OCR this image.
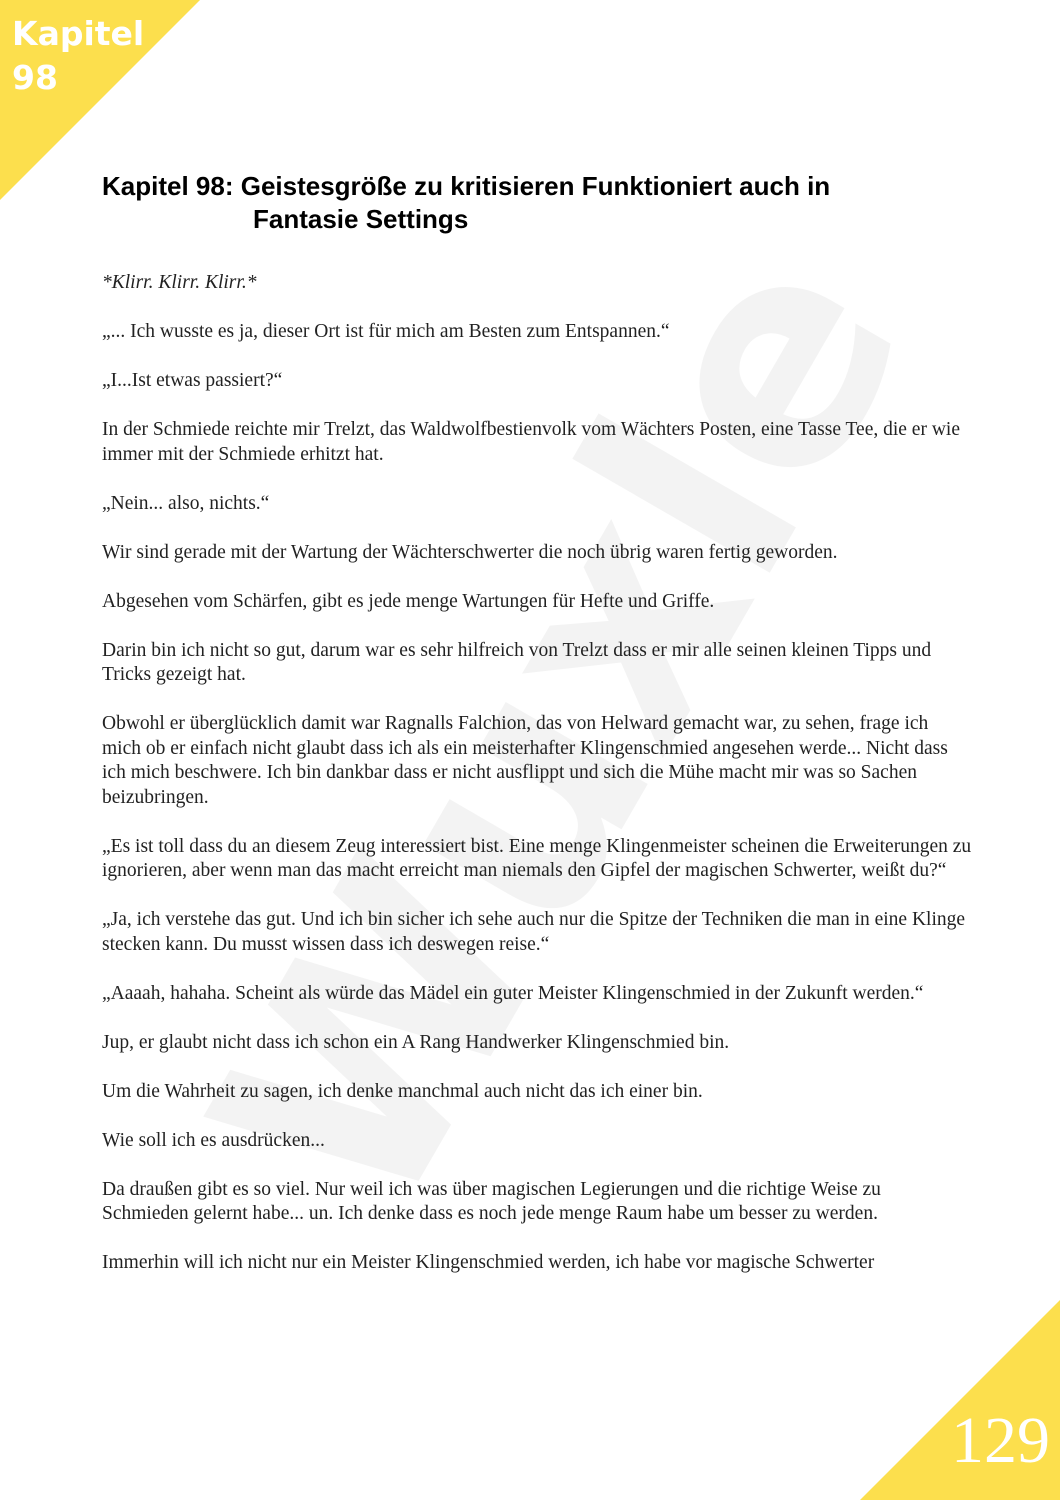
Kapitel
98
Kapitel 98: Geistesgröße zu kritisieren Funktioniert auch in
Fantasie Settings

*Klirr. Klirr. Klirr.*

„... Ich wusste es ja, dieser Ort ist für mich am Besten zum Entspannen.“

„I...Ist etwas passiert?“

In der Schmiede reichte mir Trelzt, das Waldwolfbestienvolk vom Wächters Posten, eine Tasse Tee, die er wie immer mit der Schmiede erhitzt hat.

„Nein... also, nichts.“

Wir sind gerade mit der Wartung der Wächterschwerter die noch übrig waren fertig geworden.

Abgesehen vom Schärfen, gibt es jede menge Wartungen für Hefte und Griffe.

Darin bin ich nicht so gut, darum war es sehr hilfreich von Trelzt dass er mir alle seinen kleinen Tipps und Tricks gezeigt hat.

Obwohl er überglücklich damit war Ragnalls Falchion, das von Helward gemacht war, zu sehen, frage ich mich ob er einfach nicht glaubt dass ich als ein meisterhafter Klingenschmied angesehen werde... Nicht dass ich mich beschwere. Ich bin dankbar dass er nicht ausflippt und sich die Mühe macht mir was so Sachen beizubringen.

„Es ist toll dass du an diesem Zeug interessiert bist. Eine menge Klingenmeister scheinen die Erweiterungen zu ignorieren, aber wenn man das macht erreicht man niemals den Gipfel der magischen Schwerter, weißt du?“

„Ja, ich verstehe das gut. Und ich bin sicher ich sehe auch nur die Spitze der Techniken die man in eine Klinge stecken kann. Du musst wissen dass ich deswegen reise.“

„Aaaah, hahaha. Scheint als würde das Mädel ein guter Meister Klingenschmied in der Zukunft werden.“

Jup, er glaubt nicht dass ich schon ein A Rang Handwerker Klingenschmied bin.

Um die Wahrheit zu sagen, ich denke manchmal auch nicht das ich einer bin.

Wie soll ich es ausdrücken...

Da draußen gibt es so viel. Nur weil ich was über magischen Legierungen und die richtige Weise zu Schmieden gelernt habe... un. Ich denke dass es noch jede menge Raum habe um besser zu werden.

Immerhin will ich nicht nur ein Meister Klingenschmied werden, ich habe vor magische Schwerter

129
